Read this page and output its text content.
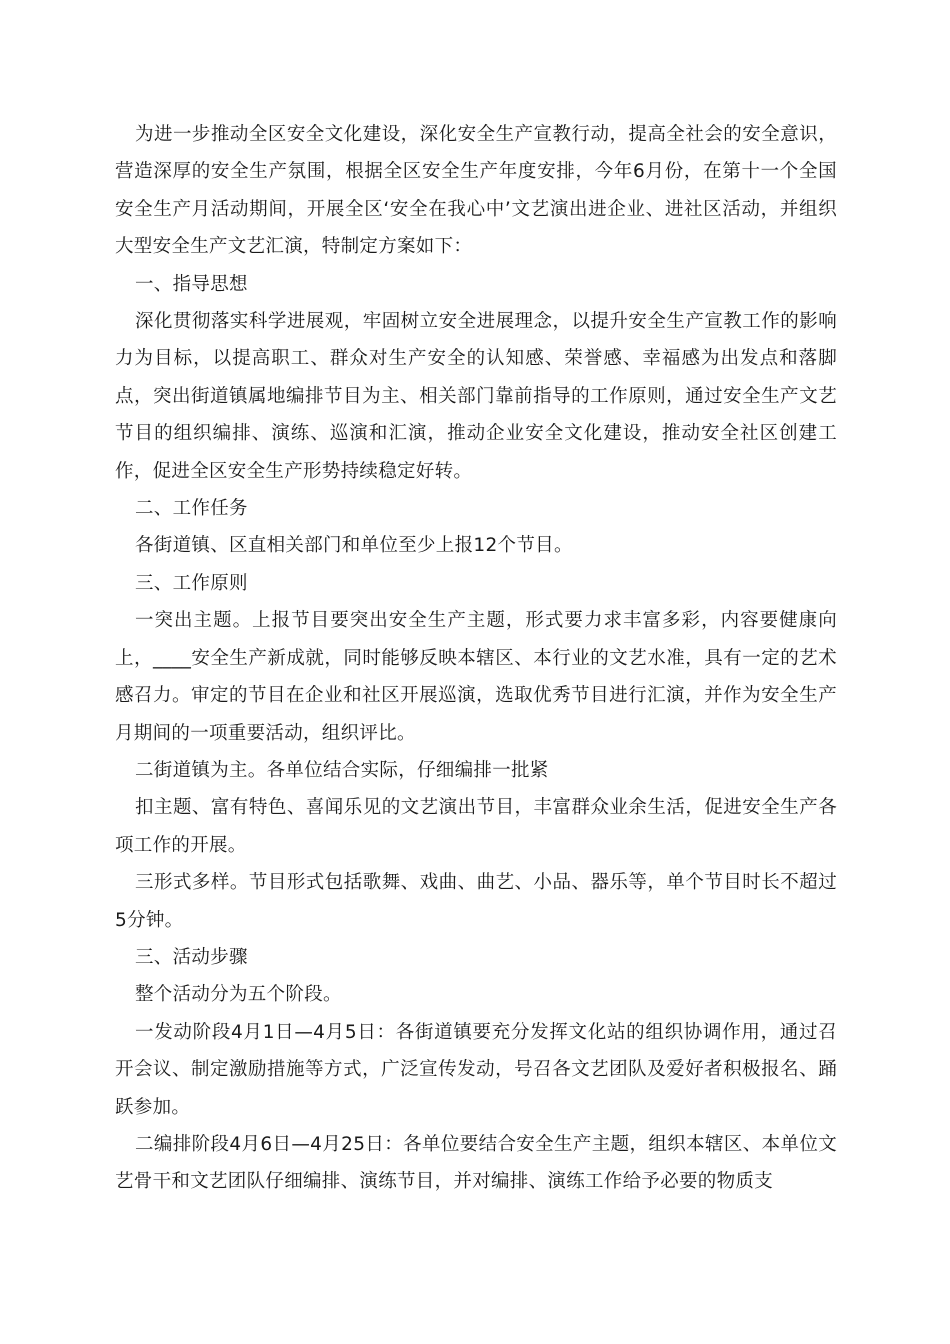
为进一步推动全区安全文化建设，深化安全生产宣教行动，提高全社会的安全意识，营造深厚的安全生产氛围，根据全区安全生产年度安排，今年6月份，在第十一个全国安全生产月活动期间，开展全区‘安全在我心中’文艺演出进企业、进社区活动，并组织大型安全生产文艺汇演，特制定方案如下：

一、指导思想

深化贯彻落实科学进展观，牢固树立安全进展理念，以提升安全生产宣教工作的影响力为目标，以提高职工、群众对生产安全的认知感、荣誉感、幸福感为出发点和落脚点，突出街道镇属地编排节目为主、相关部门靠前指导的工作原则，通过安全生产文艺节目的组织编排、演练、巡演和汇演，推动企业安全文化建设，推动安全社区创建工作，促进全区安全生产形势持续稳定好转。

二、工作任务

各街道镇、区直相关部门和单位至少上报12个节目。

三、工作原则

一突出主题。上报节目要突出安全生产主题，形式要力求丰富多彩，内容要健康向上，____安全生产新成就，同时能够反映本辖区、本行业的文艺水准，具有一定的艺术感召力。审定的节目在企业和社区开展巡演，选取优秀节目进行汇演，并作为安全生产月期间的一项重要活动，组织评比。

二街道镇为主。各单位结合实际，仔细编排一批紧

扣主题、富有特色、喜闻乐见的文艺演出节目，丰富群众业余生活，促进安全生产各项工作的开展。

三形式多样。节目形式包括歌舞、戏曲、曲艺、小品、器乐等，单个节目时长不超过5分钟。

三、活动步骤

整个活动分为五个阶段。

一发动阶段4月1日—4月5日：各街道镇要充分发挥文化站的组织协调作用，通过召开会议、制定激励措施等方式，广泛宣传发动，号召各文艺团队及爱好者积极报名、踊跃参加。

二编排阶段4月6日—4月25日：各单位要结合安全生产主题，组织本辖区、本单位文艺骨干和文艺团队仔细编排、演练节目，并对编排、演练工作给予必要的物质支
